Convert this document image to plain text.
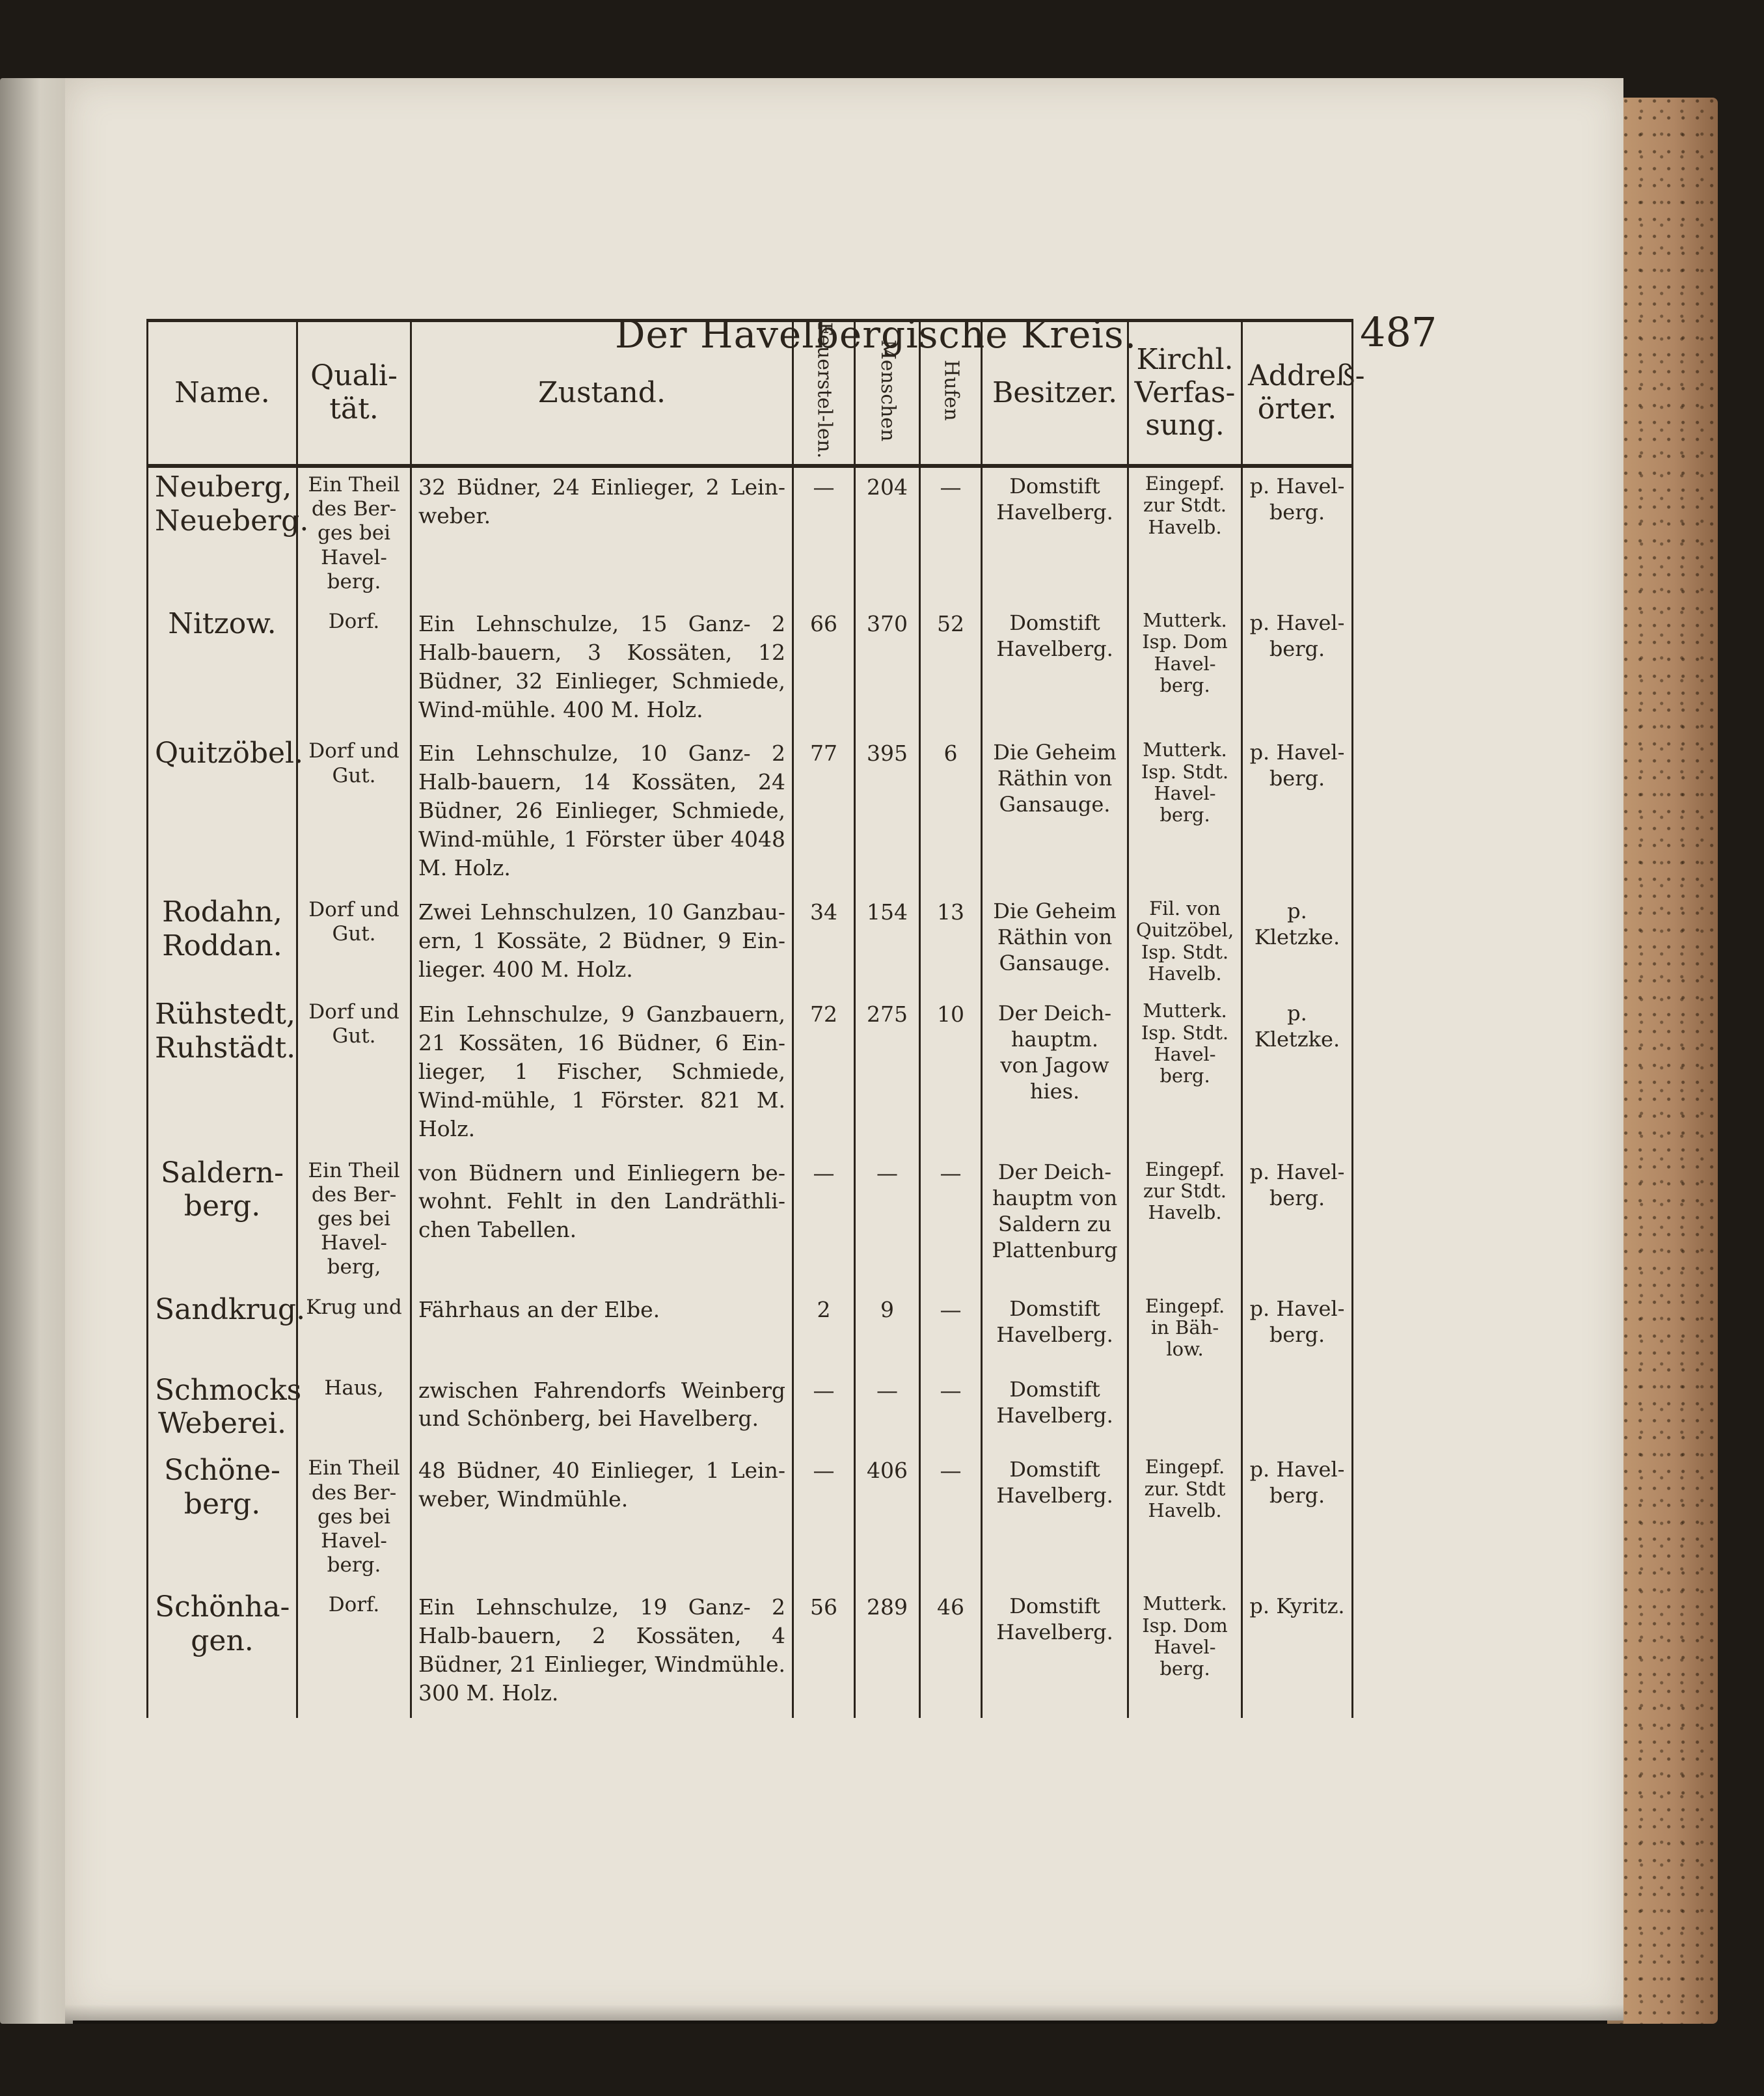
Der Havelbergische Kreis.	487
Name.	Quali-tät.	Zustand.	Feuerstel-len.	Menschen	Hufen	Besitzer.	Kirchl. Verfas-sung.	Addreß-örter.
Neuberg, Neueberg.	Ein Theil des Ber-ges bei Havel-berg.	32 Büdner, 24 Einlieger, 2 Lein-weber.	—	204	—	Domstift Havelberg.	Eingepf. zur Stdt. Havelb.	p. Havel-berg.
Nitzow.	Dorf.	Ein Lehnschulze, 15 Ganz- 2 Halb-bauern, 3 Kossäten, 12 Büdner, 32 Einlieger, Schmiede, Wind-mühle. 400 M. Holz.	66	370	52	Domstift Havelberg.	Mutterk. Isp. Dom Havel-berg.	p. Havel-berg.
Quitzöbel.	Dorf und Gut.	Ein Lehnschulze, 10 Ganz- 2 Halb-bauern, 14 Kossäten, 24 Büdner, 26 Einlieger, Schmiede, Wind-mühle, 1 Förster über 4048 M. Holz.	77	395	6	Die Geheim Räthin von Gansauge.	Mutterk. Isp. Stdt. Havel-berg.	p. Havel-berg.
Rodahn, Roddan.	Dorf und Gut.	Zwei Lehnschulzen, 10 Ganzbau-ern, 1 Kossäte, 2 Büdner, 9 Ein-lieger. 400 M. Holz.	34	154	13	Die Geheim Räthin von Gansauge.	Fil. von Quitzöbel, Isp. Stdt. Havelb.	p. Kletzke.
Rühstedt, Ruhstädt.	Dorf und Gut.	Ein Lehnschulze, 9 Ganzbauern, 21 Kossäten, 16 Büdner, 6 Ein-lieger, 1 Fischer, Schmiede, Wind-mühle, 1 Förster. 821 M. Holz.	72	275	10	Der Deich-hauptm. von Jagow hies.	Mutterk. Isp. Stdt. Havel-berg.	p. Kletzke.
Saldern-berg.	Ein Theil des Ber-ges bei Havel-berg,	von Büdnern und Einliegern be-wohnt. Fehlt in den Landräthli-chen Tabellen.	—	—	—	Der Deich-hauptm von Saldern zu Plattenburg	Eingepf. zur Stdt. Havelb.	p. Havel-berg.
Sandkrug.	Krug und	Fährhaus an der Elbe.	2	9	—	Domstift Havelberg.	Eingepf. in Bäh-low.	p. Havel-berg.
Schmocks Weberei.	Haus,	zwischen Fahrendorfs Weinberg und Schönberg, bei Havelberg.	—	—	—	Domstift Havelberg.		
Schöne-berg.	Ein Theil des Ber-ges bei Havel-berg.	48 Büdner, 40 Einlieger, 1 Lein-weber, Windmühle.	—	406	—	Domstift Havelberg.	Eingepf. zur. Stdt Havelb.	p. Havel-berg.
Schönha-gen.	Dorf.	Ein Lehnschulze, 19 Ganz- 2 Halb-bauern, 2 Kossäten, 4 Büdner, 21 Einlieger, Windmühle. 300 M. Holz.	56	289	46	Domstift Havelberg.	Mutterk. Isp. Dom Havel-berg.	p. Kyritz.
